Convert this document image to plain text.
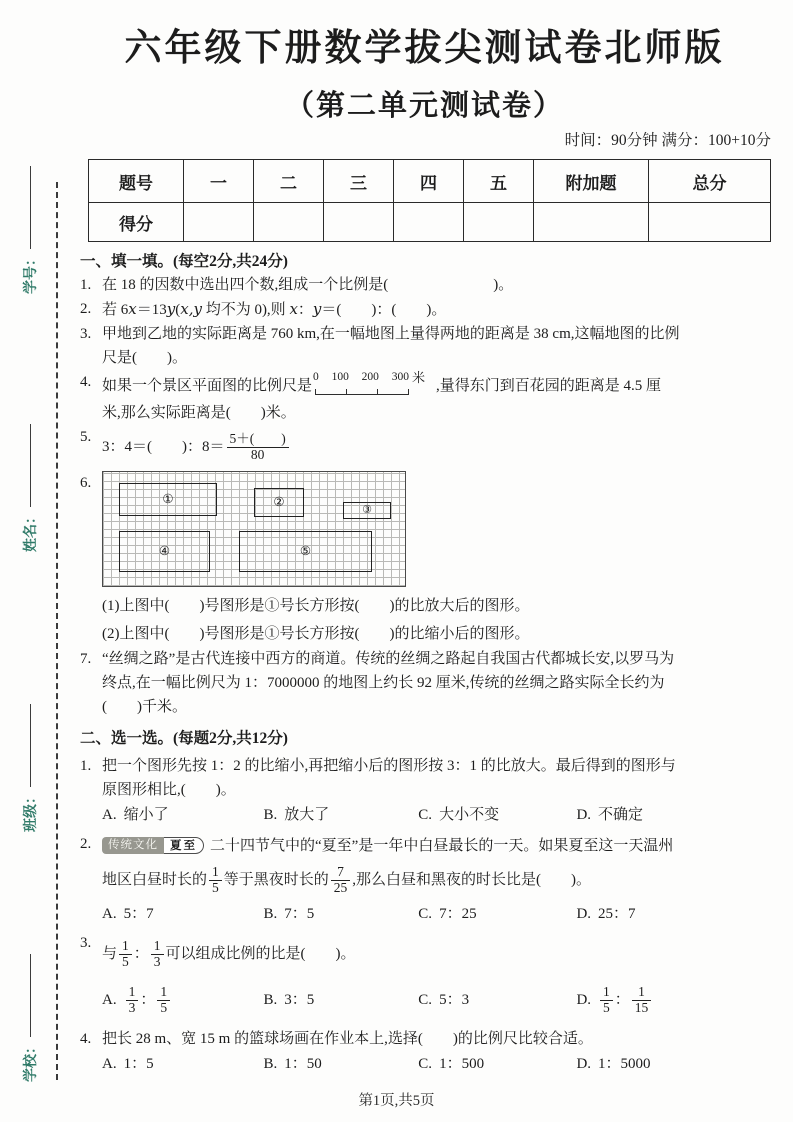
学号：
姓名：
班级：
学校：
六年级下册数学拔尖测试卷北师版
（第二单元测试卷）
时间：90分钟 满分：100+10分
题号	一	二	三	四	五	附加题	总分
得分							
一、填一填。(每空2分,共24分)
1. 在 18 的因数中选出四个数,组成一个比例是(　　　　　　　)。
2. 若 6x＝13y(x,y 均不为 0),则 x：y＝(　　)：(　　)。
3. 甲地到乙地的实际距离是 760 km,在一幅地图上量得两地的距离是 38 cm,这幅地图的比例
尺是(　　)。
4. 如果一个景区平面图的比例尺是
0 100 200 300 米
,量得东门到百花园的距离是 4.5 厘
米,那么实际距离是(　　)米。
5.
3：4＝(　　)：$8= \frac{5+( )}{80}$
6.
①	②
③
④	⑤
(1)上图中(　　)号图形是①号长方形按(　　)的比放大后的图形。
(2)上图中(　　)号图形是①号长方形按(　　)的比缩小后的图形。
7. “丝绸之路”是古代连接中西方的商道。传统的丝绸之路起自我国古代都城长安,以罗马为
终点,在一幅比例尺为 1：7000000 的地图上约长 92 厘米,传统的丝绸之路实际全长约为
(　　)千米。
二、选一选。(每题2分,共12分)
1. 把一个图形先按 1：2 的比缩小,再把缩小后的图形按 3：1 的比放大。最后得到的图形与
原图形相比,(　　)。
A. 缩小了	B. 放大了	C. 大小不变	D. 不确定
2.	传统文化	夏至 二十四节气中的“夏至”是一年中白昼最长的一天。如果夏至这一天温州
地区白昼时长的 $\frac{1}{5}$ 等于黑夜时长的 $\frac{7}{25}$ ,那么白昼和黑夜的时长比是(　　)。
A. 5：7	B. 7：5	C. 7：25	D. 25：7
3.
与 $\frac{1}{5}$ ： $\frac{1}{3}$ 可以组成比例的比是(　　)。
A. $\frac{1}{3}$ ： $\frac{1}{5}$	B. 3：5	C. 5：3	D. $\frac{1}{5}$ ： $\frac{1}{15}$
4. 把长 28 m、宽 15 m 的篮球场画在作业本上,选择(　　)的比例尺比较合适。
A. 1：5	B. 1：50	C. 1：500	D. 1：5000
第1页,共5页
